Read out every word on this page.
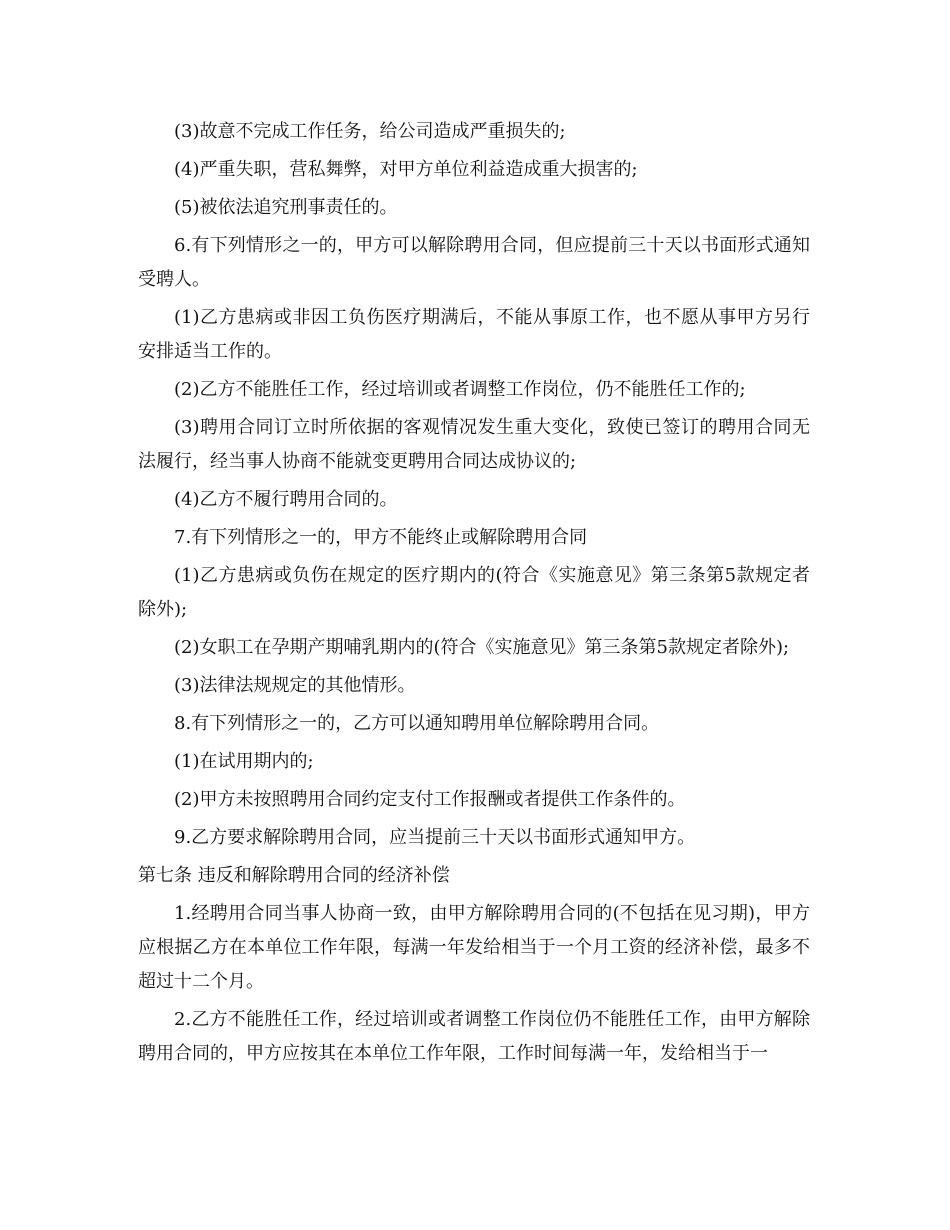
(3)故意不完成工作任务，给公司造成严重损失的;

(4)严重失职，营私舞弊，对甲方单位利益造成重大损害的;

(5)被依法追究刑事责任的。

6.有下列情形之一的，甲方可以解除聘用合同，但应提前三十天以书面形式通知受聘人。

(1)乙方患病或非因工负伤医疗期满后，不能从事原工作，也不愿从事甲方另行安排适当工作的。

(2)乙方不能胜任工作，经过培训或者调整工作岗位，仍不能胜任工作的;

(3)聘用合同订立时所依据的客观情况发生重大变化，致使已签订的聘用合同无法履行，经当事人协商不能就变更聘用合同达成协议的;

(4)乙方不履行聘用合同的。

7.有下列情形之一的，甲方不能终止或解除聘用合同

(1)乙方患病或负伤在规定的医疗期内的(符合《实施意见》第三条第5款规定者除外);

(2)女职工在孕期产期哺乳期内的(符合《实施意见》第三条第5款规定者除外);

(3)法律法规规定的其他情形。

8.有下列情形之一的，乙方可以通知聘用单位解除聘用合同。

(1)在试用期内的;

(2)甲方未按照聘用合同约定支付工作报酬或者提供工作条件的。

9.乙方要求解除聘用合同，应当提前三十天以书面形式通知甲方。

第七条 违反和解除聘用合同的经济补偿

1.经聘用合同当事人协商一致，由甲方解除聘用合同的(不包括在见习期)，甲方应根据乙方在本单位工作年限，每满一年发给相当于一个月工资的经济补偿，最多不超过十二个月。

2.乙方不能胜任工作，经过培训或者调整工作岗位仍不能胜任工作，由甲方解除聘用合同的，甲方应按其在本单位工作年限，工作时间每满一年，发给相当于一
